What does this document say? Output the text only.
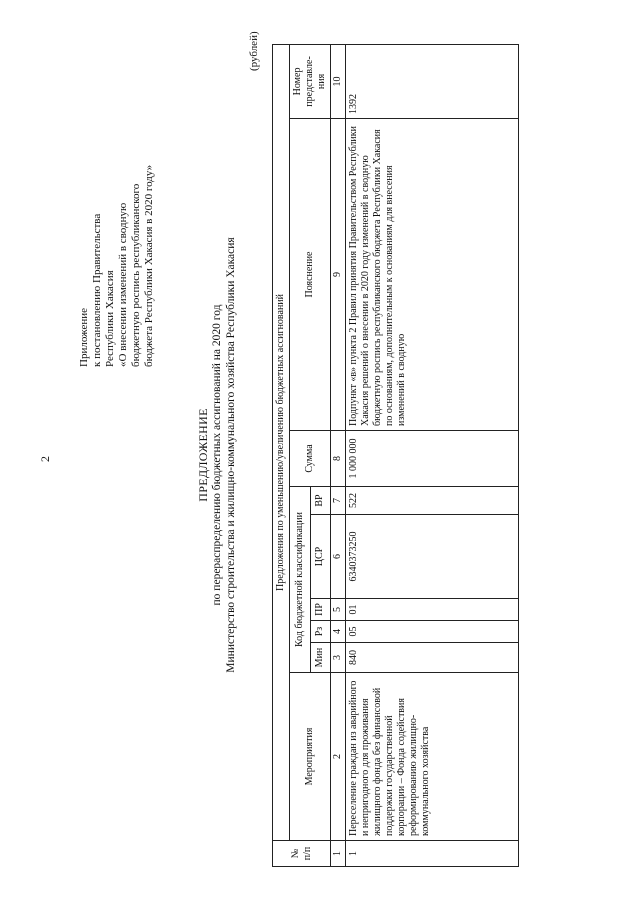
2
Приложение к постановлению Правительства Республики Хакасия «О внесении изменений в сводную бюджетную роспись республиканского бюджета Республики Хакасия в 2020 году»
ПРЕДЛОЖЕНИЕ по перераспределению бюджетных ассигнований на 2020 год Министерство строительства и жилищно-коммунального хозяйства Республики Хакасия
(рублей)
№ п/п	Предложения по уменьшению/увеличению бюджетных ассигнований								
	Мероприятия	Код бюджетной классификации					Сумма	Пояснение	Номер представле-ния
		Мин	Рз	ПР	ЦСР	ВР			
1	2	3	4	5	6	7	8	9	10
1	Переселение граждан из аварийного и непригодного для проживания жилищного фонда без финансовой поддержки государственной корпорации – Фонда содействия реформированию жилищно-коммунального хозяйства	840	05	01	6340373250	522	1 000 000	Подпункт «в» пункта 2 Правил принятия Правительством Республики Хакасия решений о внесении в 2020 году изменений в сводную бюджетную роспись республиканского бюджета Республики Хакасия по основаниям, дополнительным к основаниям для внесения изменений в сводную	1392
